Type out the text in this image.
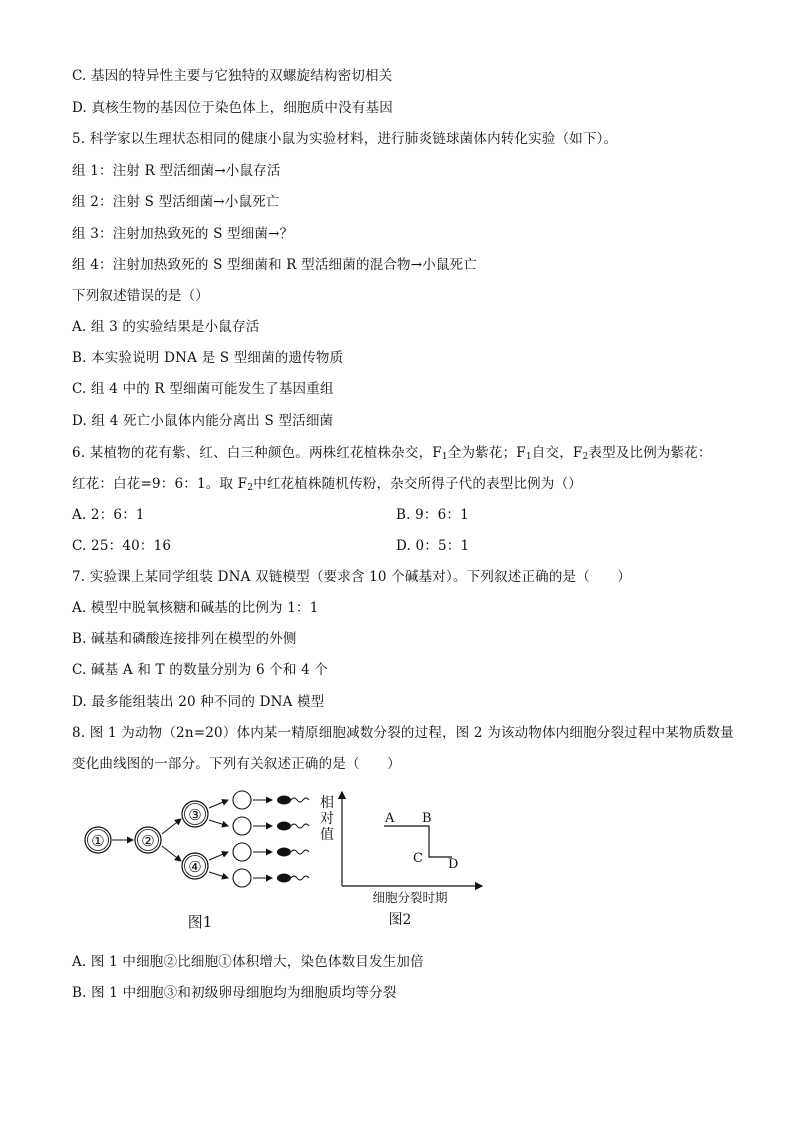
C. 基因的特异性主要与它独特的双螺旋结构密切相关
D. 真核生物的基因位于染色体上，细胞质中没有基因
5. 科学家以生理状态相同的健康小鼠为实验材料，进行肺炎链球菌体内转化实验（如下）。
组 1：注射 R 型活细菌→小鼠存活
组 2：注射 S 型活细菌→小鼠死亡
组 3：注射加热致死的 S 型细菌→？
组 4：注射加热致死的 S 型细菌和 R 型活细菌的混合物→小鼠死亡
下列叙述错误的是（）
A. 组 3 的实验结果是小鼠存活
B. 本实验说明 DNA 是 S 型细菌的遗传物质
C. 组 4 中的 R 型细菌可能发生了基因重组
D. 组 4 死亡小鼠体内能分离出 S 型活细菌
6. 某植物的花有紫、红、白三种颜色。两株红花植株杂交，$F_1$全为紫花；$F_1$自交，$F_2$表型及比例为紫花：
红花：白花=9：6：1。取 $F_2$中红花植株随机传粉，杂交所得子代的表型比例为（）
A. 2：6：1	B. 9：6：1
C. 25：40：16	D. 0：5：1
7. 实验课上某同学组装 DNA 双链模型（要求含 10 个碱基对）。下列叙述正确的是（　　）
A. 模型中脱氧核糖和碱基的比例为 1：1
B. 碱基和磷酸连接排列在模型的外侧
C. 碱基 A 和 T 的数量分别为 6 个和 4 个
D. 最多能组装出 20 种不同的 DNA 模型
8. 图 1 为动物（2n=20）体内某一精原细胞减数分裂的过程，图 2 为该动物体内细胞分裂过程中某物质数量
变化曲线图的一部分。下列有关叙述正确的是（　　）
① ②
③
④
图1
相
对
值
A B
C D
细胞分裂时期
图2
A. 图 1 中细胞②比细胞①体积增大，染色体数目发生加倍
B. 图 1 中细胞③和初级卵母细胞均为细胞质均等分裂
